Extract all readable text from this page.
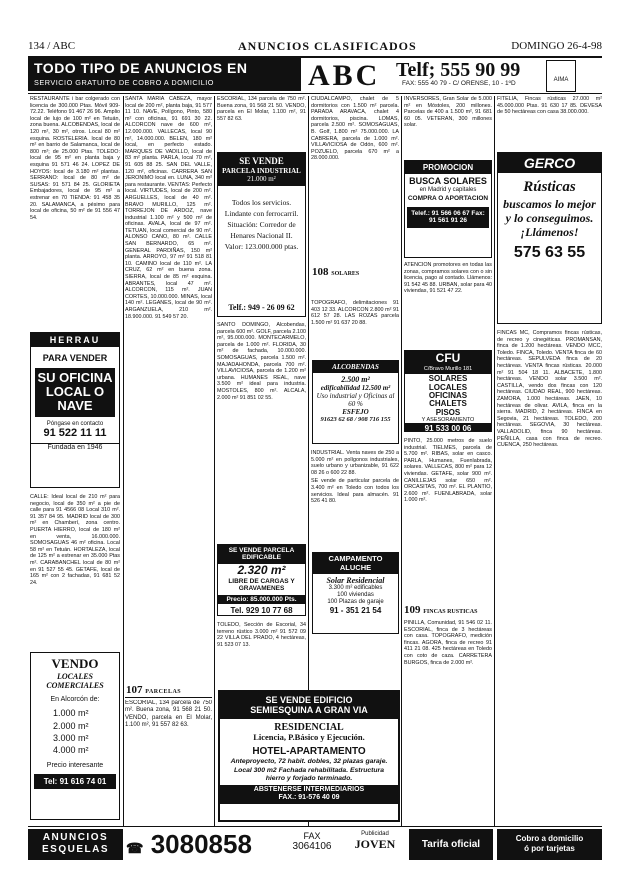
134 / ABC	ANUNCIOS CLASIFICADOS	DOMINGO 26-4-98
TODO TIPO DE ANUNCIOS EN
SERVICIO GRATUITO DE COBRO A DOMICILIO	ABC Telf; 555 90 99
FAX: 555 40 79 - C/ ORENSE, 10 - 1ºD	AIMA

RESTAURANTE i bar colgerado con licencia de 300.000 Ptas. Móvil 909-72.22. Teléfono 91 467 26 96. Amplio local de lujo de 100 m² en Tetuán, zona buena. ALCOBENDAS, local de 120 m², 30 m², otros. Local 80 m² esquina. ROSTELERIA. local de 80 m² en barrio de Salamanca, local de 800 m²; de 25.000 Ptas. TOLEDO: local de 95 m² en planta baja y esquina 91 571 46 24. LOPEZ DE HOYOS: local de 3.180 m² plantas. SERRANO: local de 80 m² de SUSAS: 91 571 84 25. GLORIETA Embajadores, local de 95 m² a estrenar en 70 TIENDA: 91 458 35 20. SALAMANCA, a pésimo para local de oficina, 50 m² de 91 556 47 54.

HERRAU
PARA VENDER
SU OFICINA LOCAL O NAVE
Póngase en contacto
91 522 11 11
Fundada en 1946

CALLE: Ideal local de 210 m² para negocio, local de 350 m² a pie de calle para 91 4566 08 Local 310 m². 91 357 84 95. MADRID local de 300 m² en Chamberí, zona centro. PUERTA HIERRO, local de 180 m² en venta, 16.000.000. SOMOSAGUAS 46 m² oficina. Local 58 m² en Tetuán. HORTALEZA, local de 125 m² a estrenar en 35.000 Ptas m². CARABANCHEL local de 80 m² en 91 527 55 45. GETAFE, local de 165 m² con 2 fachadas, 91 681 52 24.

VENDO
LOCALES COMERCIALES
En Alcorcón de:
1.000 m²
2.000 m²
3.000 m²
4.000 m²
Precio interesante
Tel: 91 616 74 01

SANTA MARIA CABEZA, mayor local de 200 m², planta baja, 91 577 11 10. NAVE, Polígono, Pinto, 580 m² con oficinas, 91 691 30 22. ALCORCON nave de 600 m², 12.000.000. VALLECAS, local 90 m², 14.000.000. BELEN, 180 m² local, en perfecto estado. MARQUES DE VADILLO, local de 83 m² planta. PARLA, local 70 m², 91 605 88 25. SAN DEL VALLE, 120 m², oficinas. CARRERA SAN JERONIMO local en. LUNA, 340 m² para restaurante. VENTAS: Perfecto local. VIRTUDES, local de 200 m². ARGUELLES, local de 40 m². BRAVO MURILLO, 125 m². TORREJON DE ARDOZ, nave industrial 1.100 m² y 500 m² de oficinas. AVALA, local de 97 m². TETUAN, local comercial de 90 m². ALONSO CANO, 80 m². CALLE SAN BERNARDO, 65 m². GENERAL PARDIÑAS, 150 m² planta. ARROYO, 97 m² 91 518 81 10. CAMINO local de 110 m². LA CRUZ, 62 m² en buena zona. SIERRA, local de 85 m² esquina. ABRANTES, local 47 m². ALCORCON, 115 m². JUAN CORTES, 10.000.000. MINAS, local 140 m². LEGANES, local de 90 m². ARGANZUELA, 210 m². 18.900.000. 91 549 57 20.

107 PARCELAS

ESCORIAL, 134 parcela de 750 m². Buena zona, 91 568 21 50. VENDO, parcela en El Molar, 1.100 m², 91 557 82 63.

ESCORIAL, 134 parcela de 750 m². Buena zona, 91 568 21 50. VENDO, parcela en El Molar, 1.100 m², 91 557 82 63.

SE VENDE
PARCELA INDUSTRIAL
21.000 m²
Todos los servicios. Lindante con ferrocarril. Situación: Corredor de Henares Nacional II. Valor: 123.000.000 ptas.
Telf.: 949 - 26 09 62

SANTO DOMINGO, Alcobendas, parcela 600 m². GOLF, parcela 2.100 m², 95.000.000. MONTECARMELO, parcela de 1.000 m². FLORIDA, 30 m² de fachada, 10.000.000. SOMOSAGUAS, parcela 1.500 m². MAJADAHONDA, parcela 700 m². VILLAVICIOSA, parcela de 1.200 m² urbana. HUMANES REAL, nave 3.500 m² ideal para industria. MOSTOLES, 800 m². ALCALA, 2.000 m² 91 851 02 55.

SE VENDE PARCELA EDIFICABLE
2.320 m²
LIBRE DE CARGAS Y GRAVAMENES
Precio: 85.000.000 Pts.
Tel. 929 10 77 68

TOLEDO, Sección de Escorial, 34 terreno rústico 3.000 m² 91 572 09 22 VILLA DEL PRADO, 4 hectáreas, 91 523 07 13.

CIUDALCAMPO, chalet de 5 dormitorios con 1.500 m² parcela. PARADA ARAVACA, chalet 4 dormitorios, piscina. LOMAS, parcela 2.500 m². SOMOSAGUAS, B. Golf, 1.800 m² 75.000.000. LA CABRERA, parcela de 1.000 m². VILLAVICIOSA de Odón, 600 m². POZUELO, parcela 670 m² a 28.000.000.

108 SOLARES

TOPOGRAFO, delimitaciones 91 403 12 33. ALCORCON 2.800 m² 91 612 57 28. LAS ROZAS parcela 1.500 m² 91 637 20 88.

ALCOBENDAS
2.500 m²
edificabilidad 12.500 m²
Uso industrial y Oficinas al 60 %
ESFEJO
91623 62 68 / 908 716 155

INDUSTRIAL. Venta naves de 250 a 5.000 m² en polígonos industriales, suelo urbano y urbanizable, 91 622 08 26 o 600 22 88.

SE vende de particular parcela de 3.400 m² en Toledo con todos los servicios. Ideal para almacén. 91 526 41 80.

CAMPAMENTO
ALUCHE
Solar Residencial
3.300 m² edificables
100 viviendas
100 Plazas de garaje
91 - 351 21 54
SE VENDE EDIFICIO
SEMIESQUINA A GRAN VIA
RESIDENCIAL
Licencia, P.Básico y Ejecución.
HOTEL-APARTAMENTO
Anteproyecto, 72 habit. dobles, 32 plazas garaje. Local 300 m2 Fachada rehabilitada. Estructura hierro y forjado terminado.
ABSTENERSE INTERMEDIARIOS
FAX.: 91-576 40 09

INVERSORES, Gran Solar de 5.000 m² en Móstoles, 200 millones. Parcelas de 400 a 1.500 m², 91 681 60 05. VETERAN, 300 millones solar.

PROMOCION
BUSCA SOLARES
en Madrid y capitales
COMPRA O APORTACION
Telef.: 91 566 06 67 Fax: 91 561 91 26

ATENCION promotores en todas las zonas, compramos solares con o sin licencia, pago al contado. Llámenos: 91 542 45 88. URBAN, solar para 40 viviendas, 91 521 47 22.

CFU
C/Bravo Murillo 181
SOLARES
LOCALES
OFICINAS
CHALETS
PISOS
Y ASESORAMIENTO
91 533 00 06

PINTO, 25.000 metros de suelo industrial. TIELMES, parcela de 5.700 m². RIBAS, solar en casco. PARLA, Humanes, Fuenlabrada, solares. VALLECAS, 800 m² para 12 viviendas. GETAFE, solar 900 m². CANILLEJAS solar 650 m². ORCASITAS, 700 m². EL PLANTIO, 2.600 m². FUENLABRADA, solar 1.000 m².

109 FINCAS RUSTICAS

PINILLA, Comunidad, 91 546 02 11. ESCORIAL, finca de 3 hectáreas con casa. TOPOGRAFO, medición fincas. AGORA, finca de recreo 91 411 21 08. 425 hectáreas en Toledo con coto de caza. CARRETERA BURGOS, finca de 2.000 m².

FITELIA, Fincas rústicas 27.000 m² 45.000.000 Ptas. 91 630 17 85. DEVESA de 50 hectáreas con casa 38.000.000.

GERCO
Rústicas
buscamos lo mejor y lo conseguimos. ¡Llámenos!
575 63 55

FINCAS MC, Compramos fincas rústicas, de recreo y cinegéticas. PROMANSAN, finca de 1.200 hectáreas. VENDO MCC, Toledo. FINCA, Toledo. VENTA finca de 60 hectáreas. SEPULVEDA finca de 20 hectáreas. VENTA fincas rústicas. 20.000 m² 91 504 18 11. ALBACETE, 1.800 hectáreas. VENDO solar 3.500 m². CASTILLA, vendo dos fincas con 120 hectáreas. CIUDAD REAL, 900 hectáreas. ZAMORA, 1.000 hectáreas. JAEN, 10 hectáreas de olivar. AVILA, finca en la sierra. MADRID, 2 hectáreas. FINCA en Segovia, 21 hectáreas. TOLEDO, 200 hectáreas. SEGOVIA, 30 hectáreas. VALLADOLID, finca 90 hectáreas. PEÑILLA, casa con finca de recreo. CUENCA, 250 hectáreas.

ANUNCIOS
ESQUELAS	☎ 3080858	FAX
3064106
Publicidad
JOVEN	Tarifa oficial
Cobro a domicilio
ó por tarjetas
